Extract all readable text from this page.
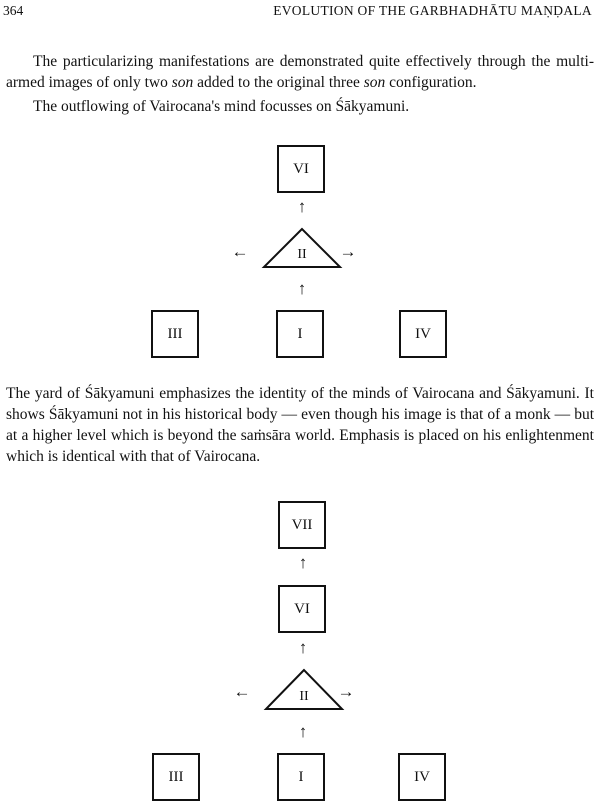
364	EVOLUTION OF THE GARBHADHĀTU MAṆḌALA

The particularizing manifestations are demonstrated quite effectively through the multi-armed images of only two son added to the original three son configuration.

The outflowing of Vairocana's mind focusses on Śākyamuni.

VI
↑
←	II	→
↑
III	I	IV

The yard of Śākyamuni emphasizes the identity of the minds of Vairocana and Śākyamuni. It shows Śākyamuni not in his historical body — even though his image is that of a monk — but at a higher level which is beyond the saṁsāra world. Emphasis is placed on his enlightenment which is identical with that of Vairocana.

VII
↑
VI
↑
←	II	→
↑
III	I	IV
